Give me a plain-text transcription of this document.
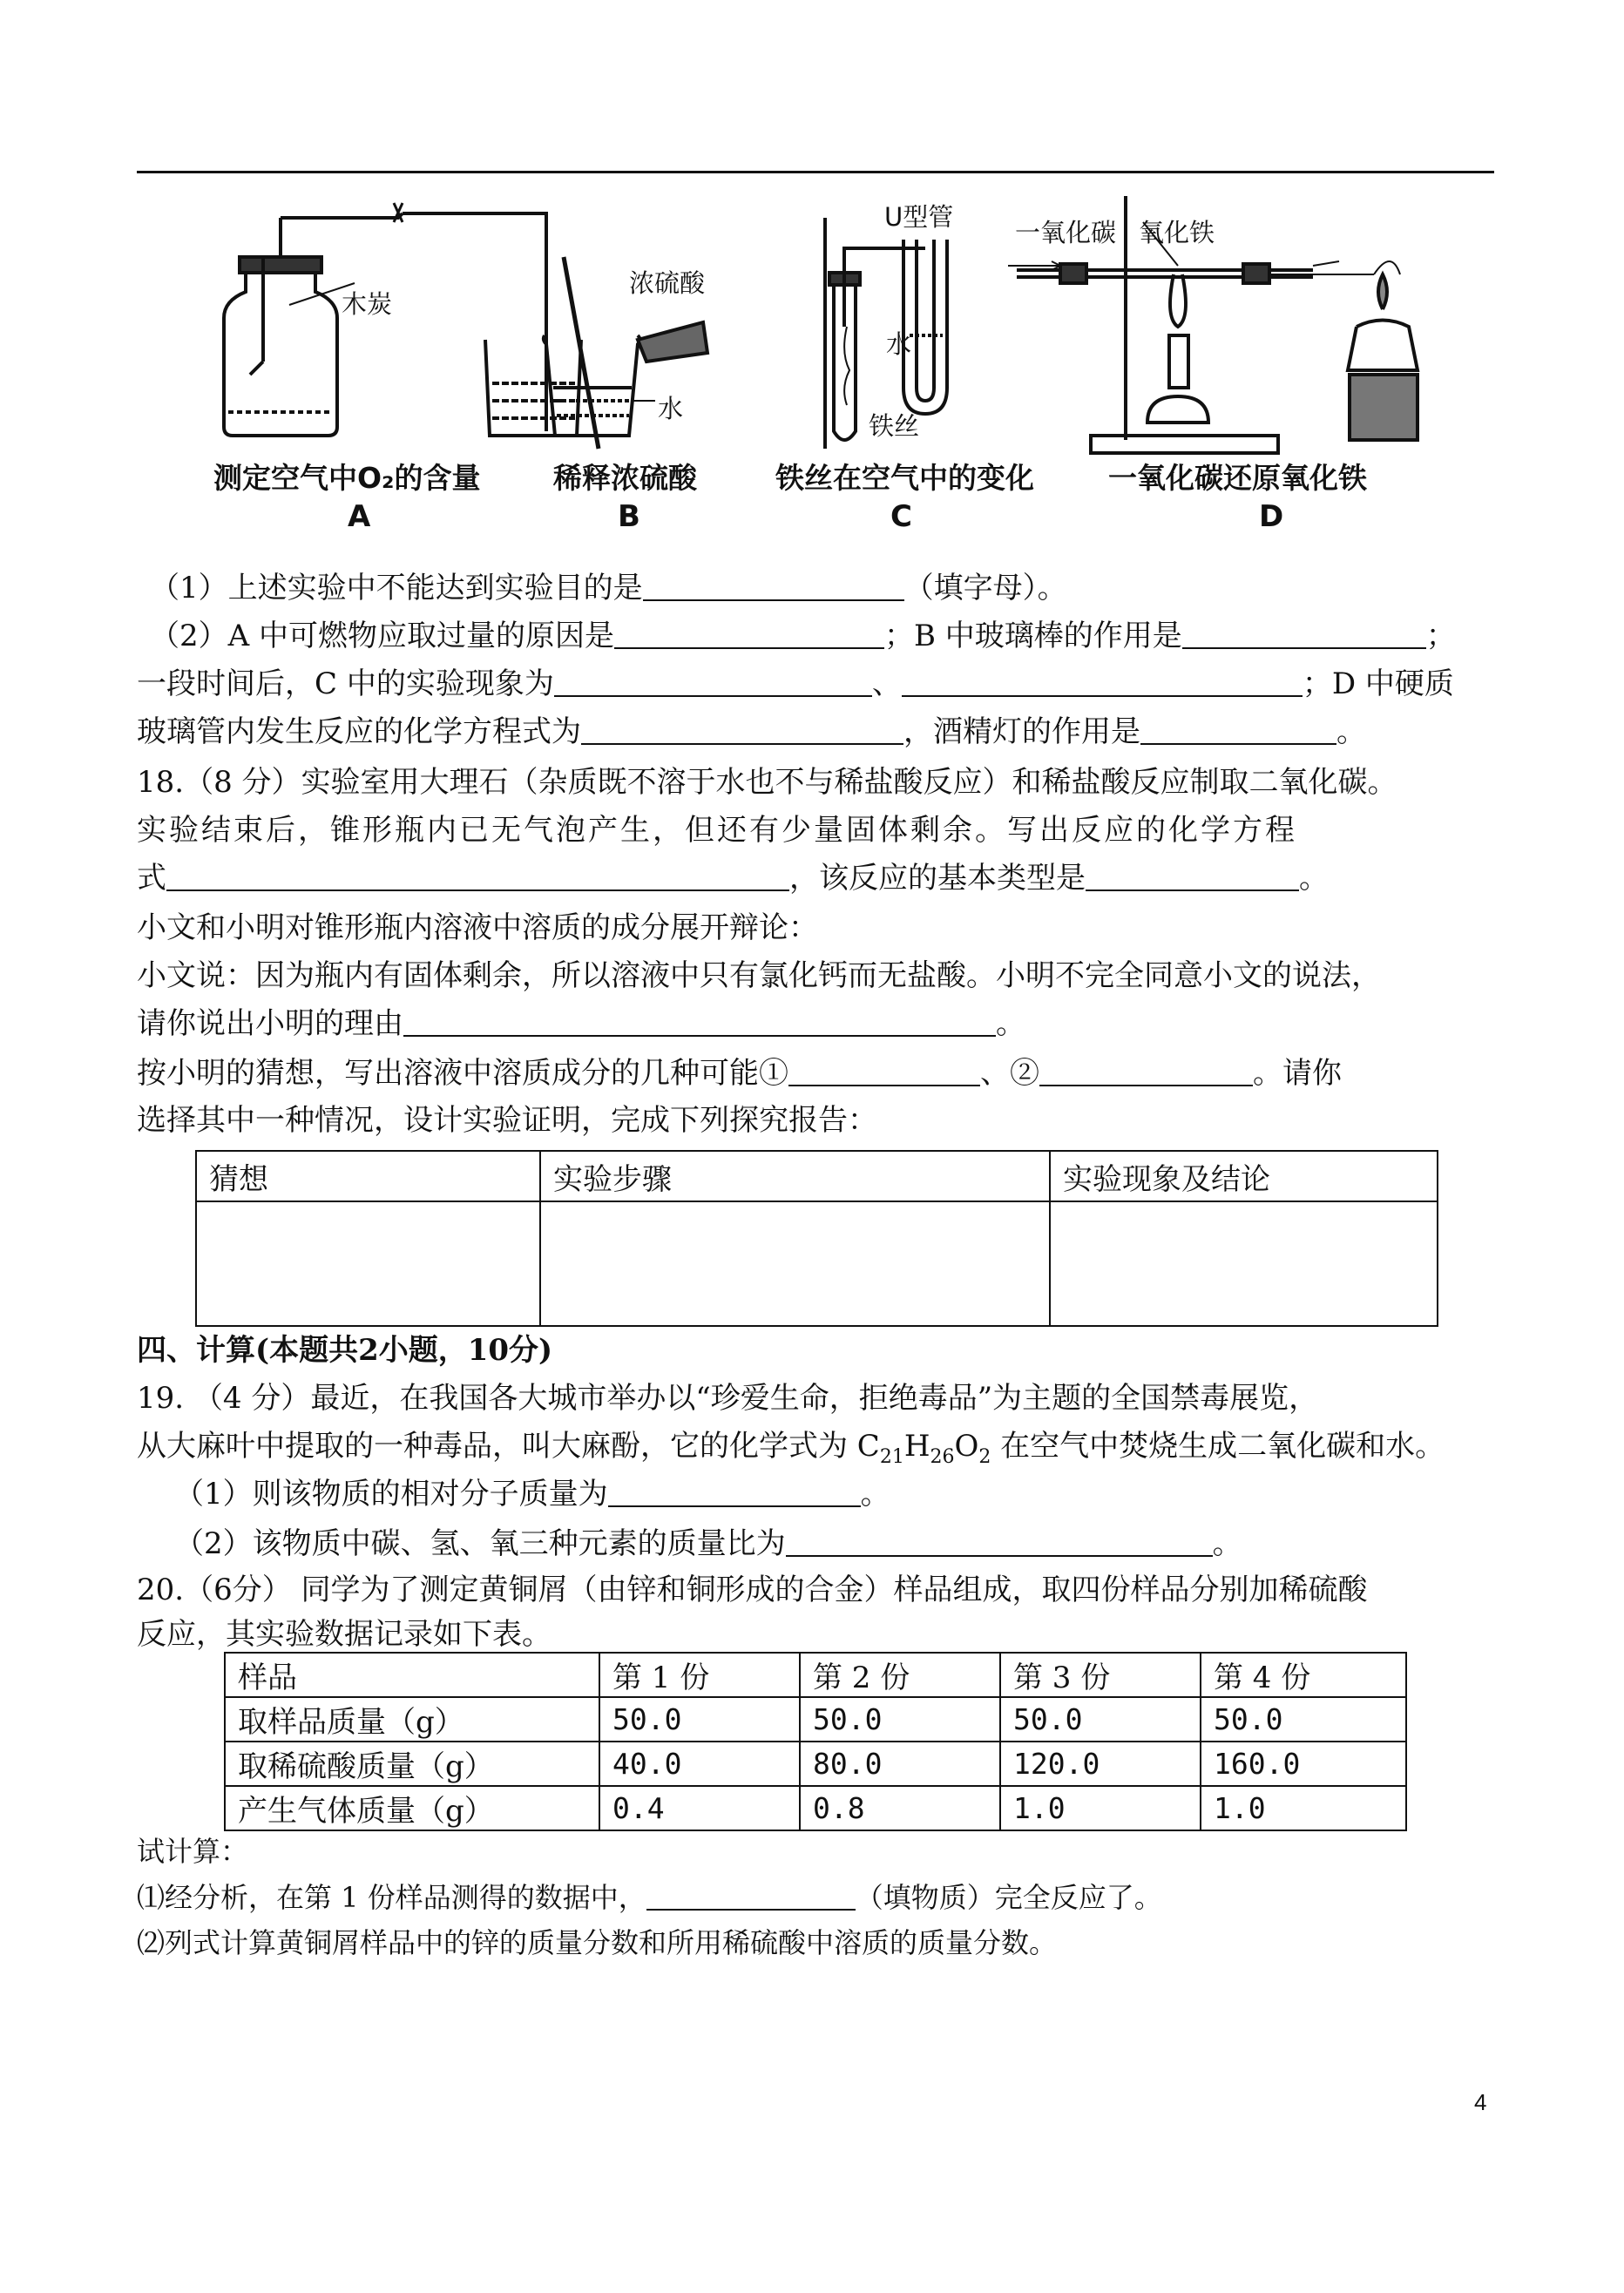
木炭
测定空气中O₂的含量
A
浓硫酸
水
稀释浓硫酸
B
U型管
水
铁丝
铁丝在空气中的变化
C
一氧化碳 氧化铁
一氧化碳还原氧化铁
D
（1）上述实验中不能达到实验目的是	（填字母）。
（2）A 中可燃物应取过量的原因是	；B 中玻璃棒的作用是	；
一段时间后，C 中的实验现象为	、	；D 中硬质
玻璃管内发生反应的化学方程式为	，酒精灯的作用是	。
18.（8 分）实验室用大理石（杂质既不溶于水也不与稀盐酸反应）和稀盐酸反应制取二氧化碳。
实验结束后，锥形瓶内已无气泡产生，但还有少量固体剩余。写出反应的化学方程
式	，该反应的基本类型是	。
小文和小明对锥形瓶内溶液中溶质的成分展开辩论：
小文说：因为瓶内有固体剩余，所以溶液中只有氯化钙而无盐酸。小明不完全同意小文的说法，
请你说出小明的理由	。
按小明的猜想，写出溶液中溶质成分的几种可能①	、②	。请你
选择其中一种情况，设计实验证明，完成下列探究报告：
猜想	实验步骤	实验现象及结论

四、计算(本题共2小题，10分)
19. （4 分）最近，在我国各大城市举办以“珍爱生命，拒绝毒品”为主题的全国禁毒展览，
从大麻叶中提取的一种毒品，叫大麻酚，它的化学式为 $C_{21}H_{26}O_2$ 在空气中焚烧生成二氧化碳和水。
（1）则该物质的相对分子质量为	。
（2）该物质中碳、氢、氧三种元素的质量比为	。
20.（6分） 同学为了测定黄铜屑（由锌和铜形成的合金）样品组成，取四份样品分别加稀硫酸
反应，其实验数据记录如下表。
样品	第 1 份	第 2 份	第 3 份	第 4 份
取样品质量（g）	50.0	50.0	50.0	50.0
取稀硫酸质量（g）	40.0	80.0	120.0	160.0
产生气体质量（g）	0.4	0.8	1.0	1.0
试计算：
⑴经分析，在第 1 份样品测得的数据中，	（填物质）完全反应了。
⑵列式计算黄铜屑样品中的锌的质量分数和所用稀硫酸中溶质的质量分数。
4
